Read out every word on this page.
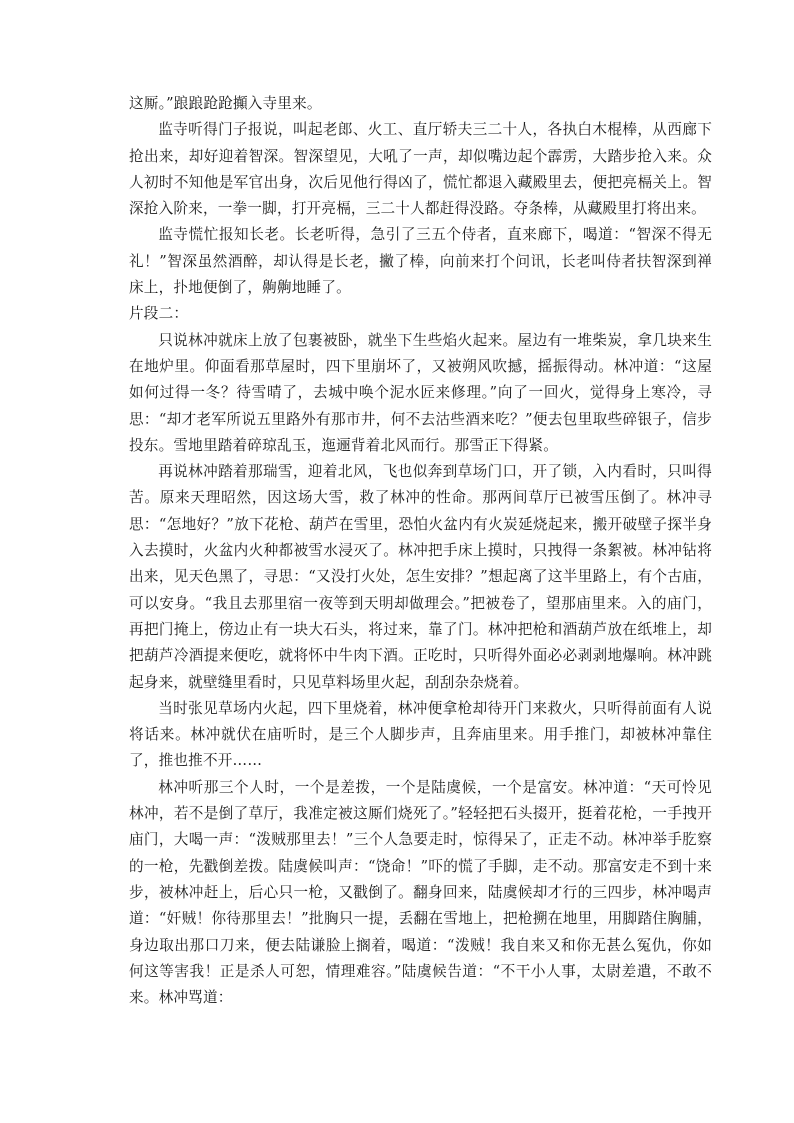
这厮。”踉踉跄跄攧入寺里来。

监寺听得门子报说，叫起老郎、火工、直厅轿夫三二十人，各执白木棍棒，从西廊下抢出来，却好迎着智深。智深望见，大吼了一声，却似嘴边起个霹雳，大踏步抢入来。众人初时不知他是军官出身，次后见他行得凶了，慌忙都退入藏殿里去，便把亮槅关上。智深抢入阶来，一拳一脚，打开亮槅，三二十人都赶得没路。夺条棒，从藏殿里打将出来。

监寺慌忙报知长老。长老听得，急引了三五个侍者，直来廊下，喝道：“智深不得无礼！”智深虽然酒醉，却认得是长老，撇了棒，向前来打个问讯，长老叫侍者扶智深到禅床上，扑地便倒了，齁齁地睡了。

片段二：

只说林冲就床上放了包裹被卧，就坐下生些焰火起来。屋边有一堆柴炭，拿几块来生在地炉里。仰面看那草屋时，四下里崩坏了，又被朔风吹撼，摇振得动。林冲道：“这屋如何过得一冬？待雪晴了，去城中唤个泥水匠来修理。”向了一回火，觉得身上寒冷，寻思：“却才老军所说五里路外有那市井，何不去沽些酒来吃？”便去包里取些碎银子，信步投东。雪地里踏着碎琼乱玉，迤逦背着北风而行。那雪正下得紧。

再说林冲踏着那瑞雪，迎着北风，飞也似奔到草场门口，开了锁，入内看时，只叫得苦。原来天理昭然，因这场大雪，救了林冲的性命。那两间草厅已被雪压倒了。林冲寻思：“怎地好？”放下花枪、葫芦在雪里，恐怕火盆内有火炭延烧起来，搬开破壁子探半身入去摸时，火盆内火种都被雪水浸灭了。林冲把手床上摸时，只拽得一条絮被。林冲钻将出来，见天色黑了，寻思：“又没打火处，怎生安排？”想起离了这半里路上，有个古庙，可以安身。“我且去那里宿一夜等到天明却做理会。”把被卷了，望那庙里来。入的庙门，再把门掩上，傍边止有一块大石头，将过来，靠了门。林冲把枪和酒葫芦放在纸堆上，却把葫芦冷酒提来便吃，就将怀中牛肉下酒。正吃时，只听得外面必必剥剥地爆响。林冲跳起身来，就壁缝里看时，只见草料场里火起，刮刮杂杂烧着。

当时张见草场内火起，四下里烧着，林冲便拿枪却待开门来救火，只听得前面有人说将话来。林冲就伏在庙听时，是三个人脚步声，且奔庙里来。用手推门，却被林冲靠住了，推也推不开……

林冲听那三个人时，一个是差拨，一个是陆虞候，一个是富安。林冲道：“天可怜见林冲，若不是倒了草厅，我准定被这厮们烧死了。”轻轻把石头掇开，挺着花枪，一手拽开庙门，大喝一声：“泼贼那里去！”三个人急要走时，惊得呆了，正走不动。林冲举手肐察的一枪，先戳倒差拨。陆虞候叫声：“饶命！”吓的慌了手脚，走不动。那富安走不到十来步，被林冲赶上，后心只一枪，又戳倒了。翻身回来，陆虞候却才行的三四步，林冲喝声道：“奸贼！你待那里去！”批胸只一提，丢翻在雪地上，把枪搠在地里，用脚踏住胸脯，身边取出那口刀来，便去陆谦脸上搁着，喝道：“泼贼！我自来又和你无甚么冤仇，你如何这等害我！正是杀人可恕，情理难容。”陆虞候告道：“不干小人事，太尉差遣，不敢不来。林冲骂道：
